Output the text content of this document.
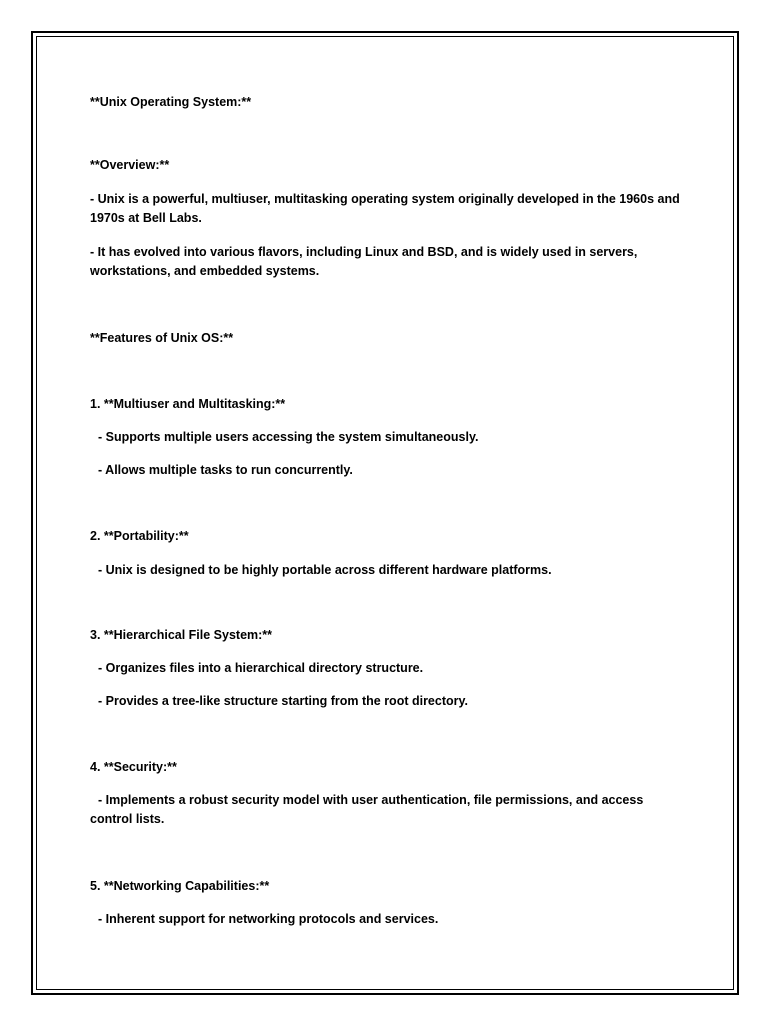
**Unix Operating System:**
**Overview:**
- Unix is a powerful, multiuser, multitasking operating system originally developed in the 1960s and 1970s at Bell Labs.
- It has evolved into various flavors, including Linux and BSD, and is widely used in servers, workstations, and embedded systems.
**Features of Unix OS:**
1. **Multiuser and Multitasking:**
- Supports multiple users accessing the system simultaneously.
- Allows multiple tasks to run concurrently.
2. **Portability:**
- Unix is designed to be highly portable across different hardware platforms.
3. **Hierarchical File System:**
- Organizes files into a hierarchical directory structure.
- Provides a tree-like structure starting from the root directory.
4. **Security:**
- Implements a robust security model with user authentication, file permissions, and access control lists.
5. **Networking Capabilities:**
- Inherent support for networking protocols and services.
